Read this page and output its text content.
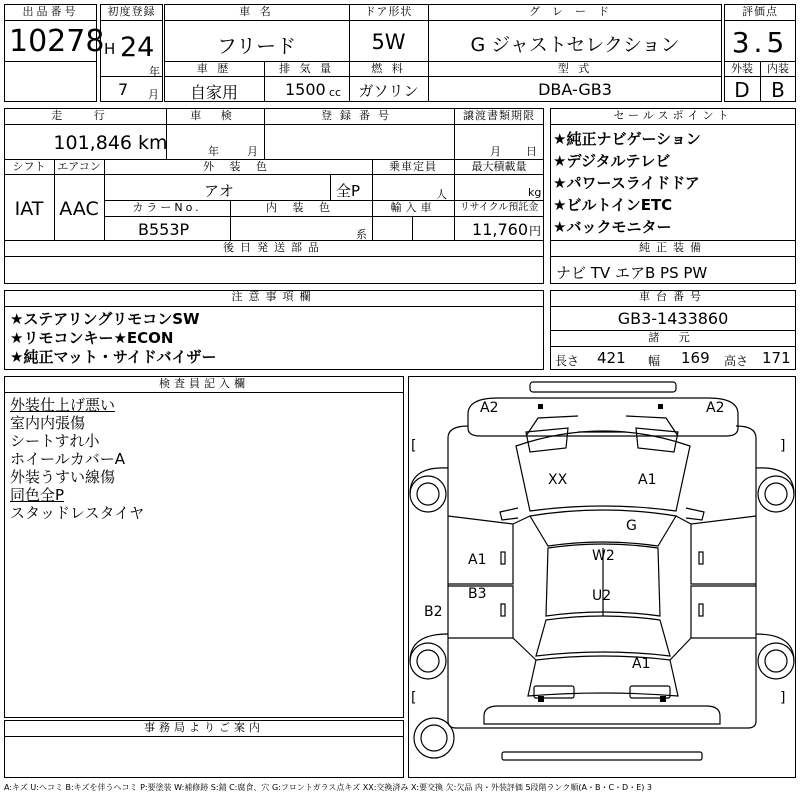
出品番号
10278
初度登録
H 24
年
7 月
車 名
フリード
ドア形状
5W
グレード
G ジャストセレクション
車 歴
自家用
排 気 量
1500 cc
燃 料
ガソリン
型 式
DBA-GB3
評価点
3.5
外装	内装
D	B
走 行
101,846 km
車 検
年	月
登録番号	譲渡書類期限
月 日
シフト
IAT
エアコン
AAC
外 装 色
アオ	全P
乗車定員
人
最大積載量
kg
カラーNo.
B553P
内 装 色
系
輸入車	リサイクル預託金
11,760 円
後日発送部品
セールスポイント
★純正ナビゲーション
★デジタルテレビ
★パワースライドドア
★ビルトインETC
★バックモニター
純正装備
ナビ TV エアB PS PW
注意事項欄
★ステアリングリモコンSW
★リモコンキー★ECON
★純正マット・サイドバイザー
車台番号
GB3-1433860
諸 元
長さ 421 幅 169 高さ 171
検査員記入欄
外装仕上げ悪い
室内内張傷
シートすれ小
ホイールカバーA
外装うすい線傷
同色全P
スタッドレスタイヤ
事務局よりご案内
A2	A2
[	]
XX	A1
G
W2
A1
B3	U2
B2
A1
[	]
A:キズ U:ヘコミ B:キズを伴うヘコミ P:要塗装 W:補修跡 S:錆 C:腐食、穴 G:フロントガラス点キズ XX:交換済み X:要交換 欠:欠品 内・外装評価 5段階ランク順(A・B・C・D・E) 3
